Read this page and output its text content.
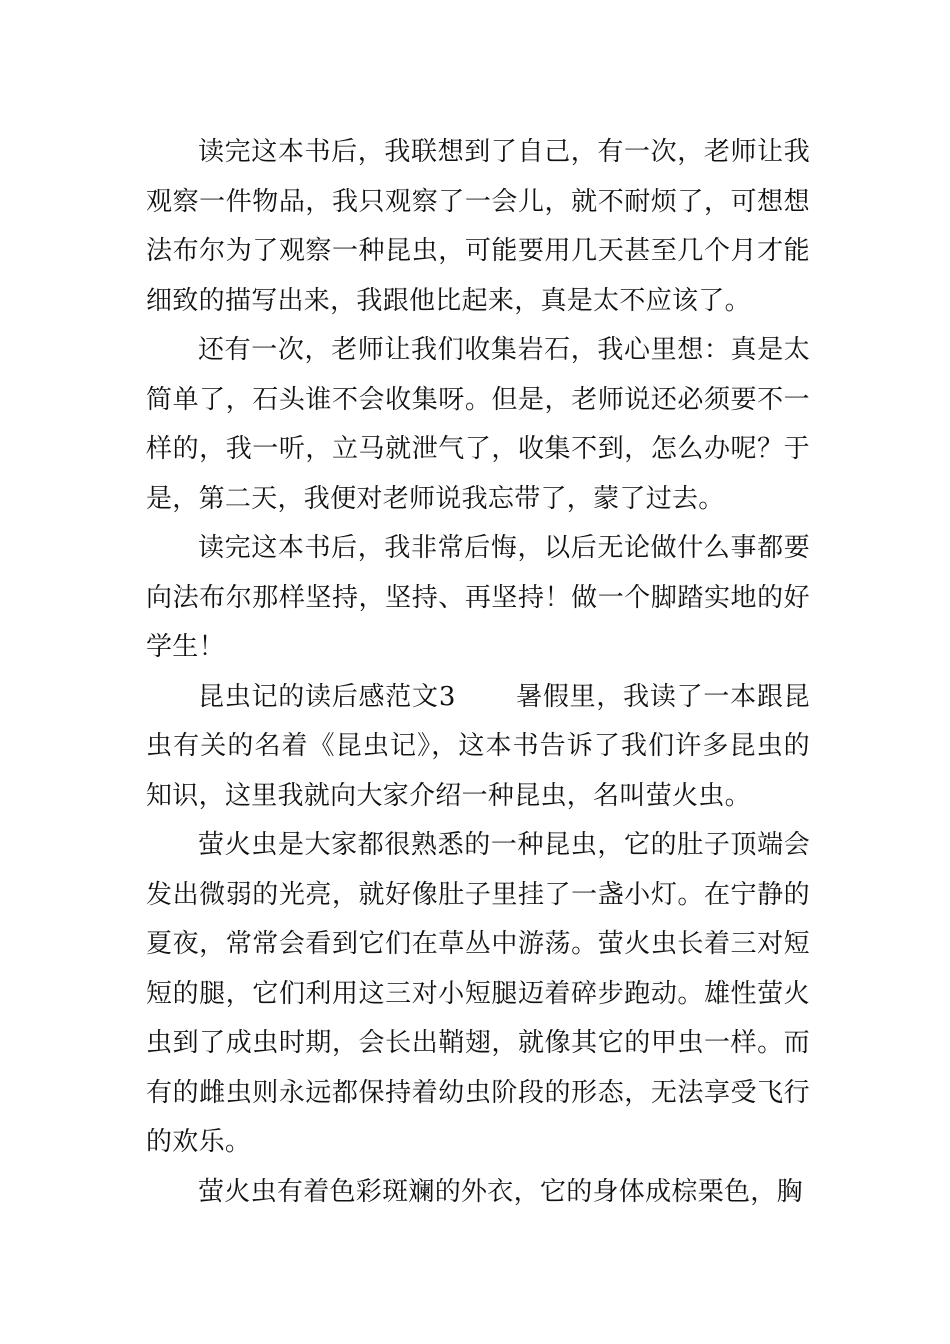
读完这本书后，我联想到了自己，有一次，老师让我观察一件物品，我只观察了一会儿，就不耐烦了，可想想法布尔为了观察一种昆虫，可能要用几天甚至几个月才能细致的描写出来，我跟他比起来，真是太不应该了。

还有一次，老师让我们收集岩石，我心里想：真是太简单了，石头谁不会收集呀。但是，老师说还必须要不一样的，我一听，立马就泄气了，收集不到，怎么办呢？于是，第二天，我便对老师说我忘带了，蒙了过去。

读完这本书后，我非常后悔，以后无论做什么事都要向法布尔那样坚持，坚持、再坚持！做一个脚踏实地的好学生！

昆虫记的读后感范文3 暑假里，我读了一本跟昆虫有关的名着《昆虫记》，这本书告诉了我们许多昆虫的知识，这里我就向大家介绍一种昆虫，名叫萤火虫。

萤火虫是大家都很熟悉的一种昆虫，它的肚子顶端会发出微弱的光亮，就好像肚子里挂了一盏小灯。在宁静的夏夜，常常会看到它们在草丛中游荡。萤火虫长着三对短短的腿，它们利用这三对小短腿迈着碎步跑动。雄性萤火虫到了成虫时期，会长出鞘翅，就像其它的甲虫一样。而有的雌虫则永远都保持着幼虫阶段的形态，无法享受飞行的欢乐。

萤火虫有着色彩斑斓的外衣，它的身体成棕栗色，胸
